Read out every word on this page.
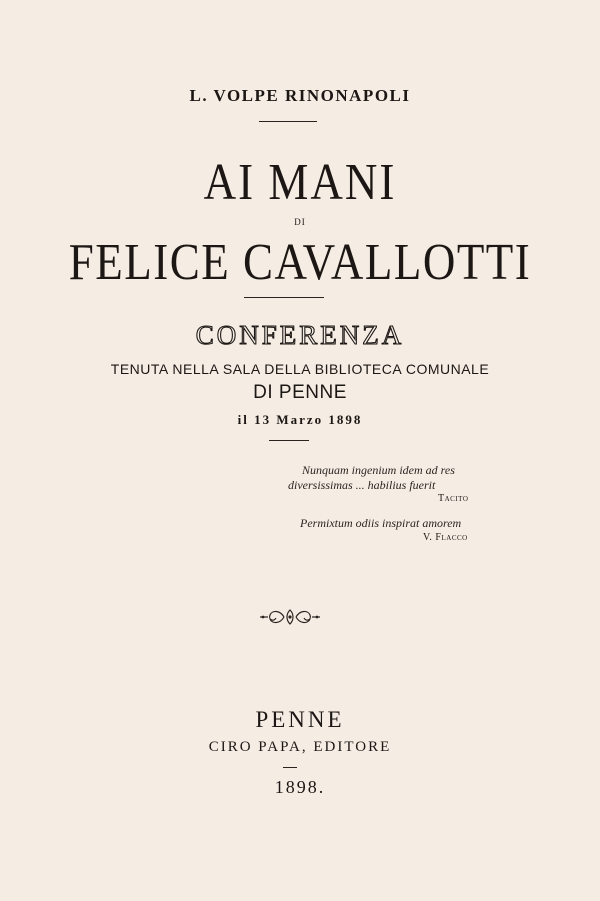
L. VOLPE RINONAPOLI
AI MANI
DI
FELICE CAVALLOTTI
CONFERENZA
TENUTA NELLA SALA DELLA BIBLIOTECA COMUNALE
DI PENNE
il 13 Marzo 1898
Nunquam ingenium idem ad res
diversissimas ... habilius fuerit
Tacito
Permixtum odiis inspirat amorem
V. Flacco
PENNE
CIRO PAPA, EDITORE
1898.
